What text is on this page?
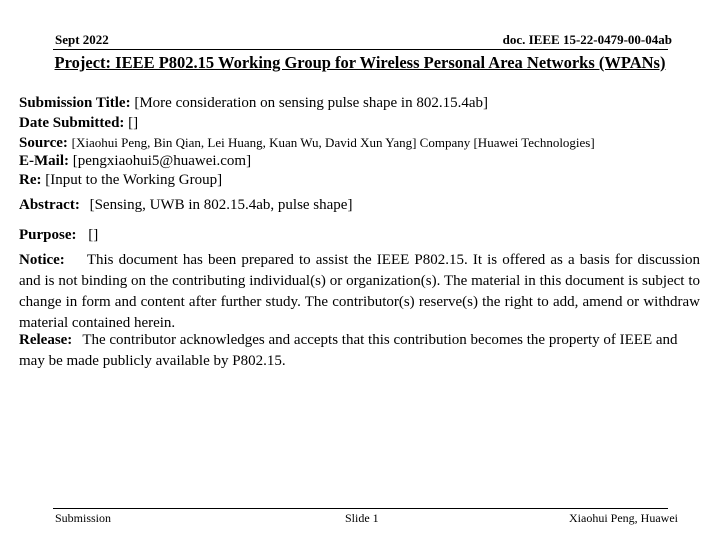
Sept 2022	doc. IEEE 15-22-0479-00-04ab
Project: IEEE P802.15 Working Group for Wireless Personal Area Networks (WPANs)
Submission Title: [More consideration on sensing pulse shape in 802.15.4ab]
Date Submitted: []
Source: [Xiaohui Peng, Bin Qian, Lei Huang, Kuan Wu, David Xun Yang] Company [Huawei Technologies]
E-Mail: [pengxiaohui5@huawei.com]
Re: [Input to the Working Group]
Abstract: [Sensing, UWB in 802.15.4ab, pulse shape]
Purpose: []
Notice: This document has been prepared to assist the IEEE P802.15. It is offered as a basis for discussion and is not binding on the contributing individual(s) or organization(s). The material in this document is subject to change in form and content after further study. The contributor(s) reserve(s) the right to add, amend or withdraw material contained herein.
Release: The contributor acknowledges and accepts that this contribution becomes the property of IEEE and may be made publicly available by P802.15.
Submission	Slide 1	Xiaohui Peng, Huawei
